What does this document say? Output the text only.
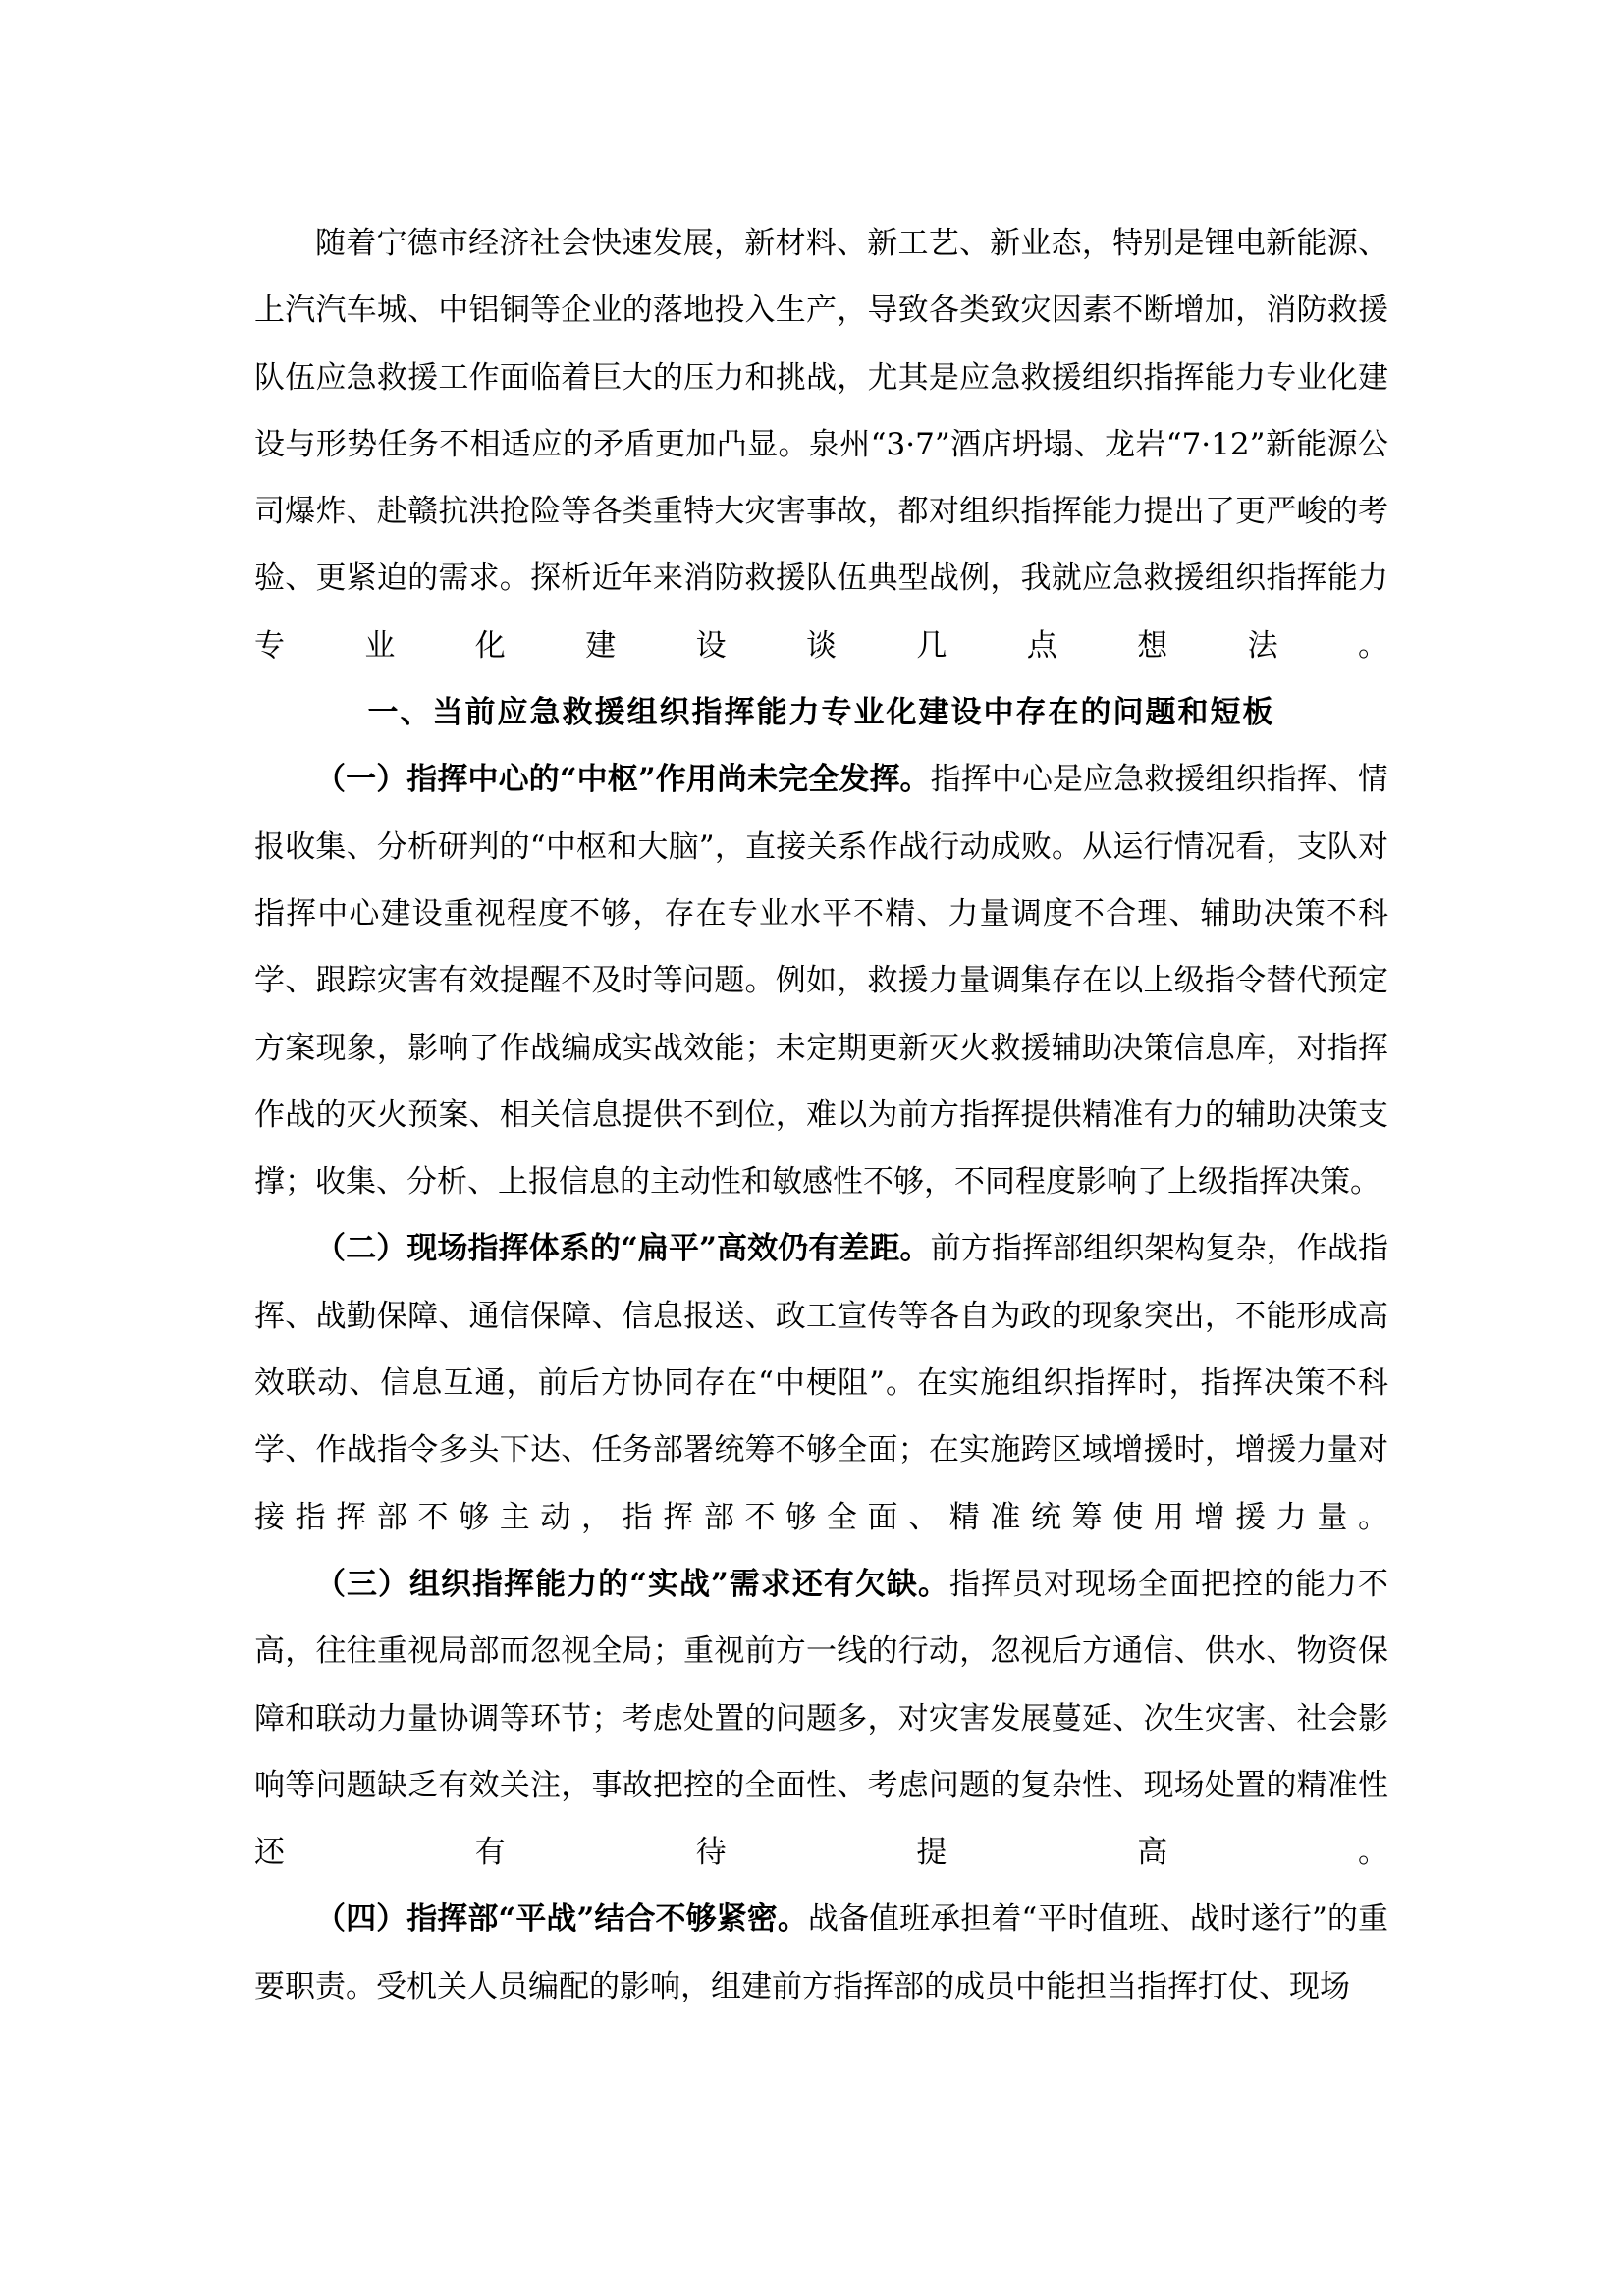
随着宁德市经济社会快速发展，新材料、新工艺、新业态，特别是锂电新能源、上汽汽车城、中铝铜等企业的落地投入生产，导致各类致灾因素不断增加，消防救援队伍应急救援工作面临着巨大的压力和挑战，尤其是应急救援组织指挥能力专业化建设与形势任务不相适应的矛盾更加凸显。泉州“3·7”酒店坍塌、龙岩“7·12”新能源公司爆炸、赴赣抗洪抢险等各类重特大灾害事故，都对组织指挥能力提出了更严峻的考验、更紧迫的需求。探析近年来消防救援队伍典型战例，我就应急救援组织指挥能力专业化建设谈几点想法。

一、当前应急救援组织指挥能力专业化建设中存在的问题和短板

（一）指挥中心的“中枢”作用尚未完全发挥。指挥中心是应急救援组织指挥、情报收集、分析研判的“中枢和大脑”，直接关系作战行动成败。从运行情况看，支队对指挥中心建设重视程度不够，存在专业水平不精、力量调度不合理、辅助决策不科学、跟踪灾害有效提醒不及时等问题。例如，救援力量调集存在以上级指令替代预定方案现象，影响了作战编成实战效能；未定期更新灭火救援辅助决策信息库，对指挥作战的灭火预案、相关信息提供不到位，难以为前方指挥提供精准有力的辅助决策支撑；收集、分析、上报信息的主动性和敏感性不够，不同程度影响了上级指挥决策。

（二）现场指挥体系的“扁平”高效仍有差距。前方指挥部组织架构复杂，作战指挥、战勤保障、通信保障、信息报送、政工宣传等各自为政的现象突出，不能形成高效联动、信息互通，前后方协同存在“中梗阻”。在实施组织指挥时，指挥决策不科学、作战指令多头下达、任务部署统筹不够全面；在实施跨区域增援时，增援力量对接指挥部不够主动，指挥部不够全面、精准统筹使用增援力量。

（三）组织指挥能力的“实战”需求还有欠缺。指挥员对现场全面把控的能力不高，往往重视局部而忽视全局；重视前方一线的行动，忽视后方通信、供水、物资保障和联动力量协调等环节；考虑处置的问题多，对灾害发展蔓延、次生灾害、社会影响等问题缺乏有效关注，事故把控的全面性、考虑问题的复杂性、现场处置的精准性还有待提高。

（四）指挥部“平战”结合不够紧密。战备值班承担着“平时值班、战时遂行”的重要职责。受机关人员编配的影响，组建前方指挥部的成员中能担当指挥打仗、现场
